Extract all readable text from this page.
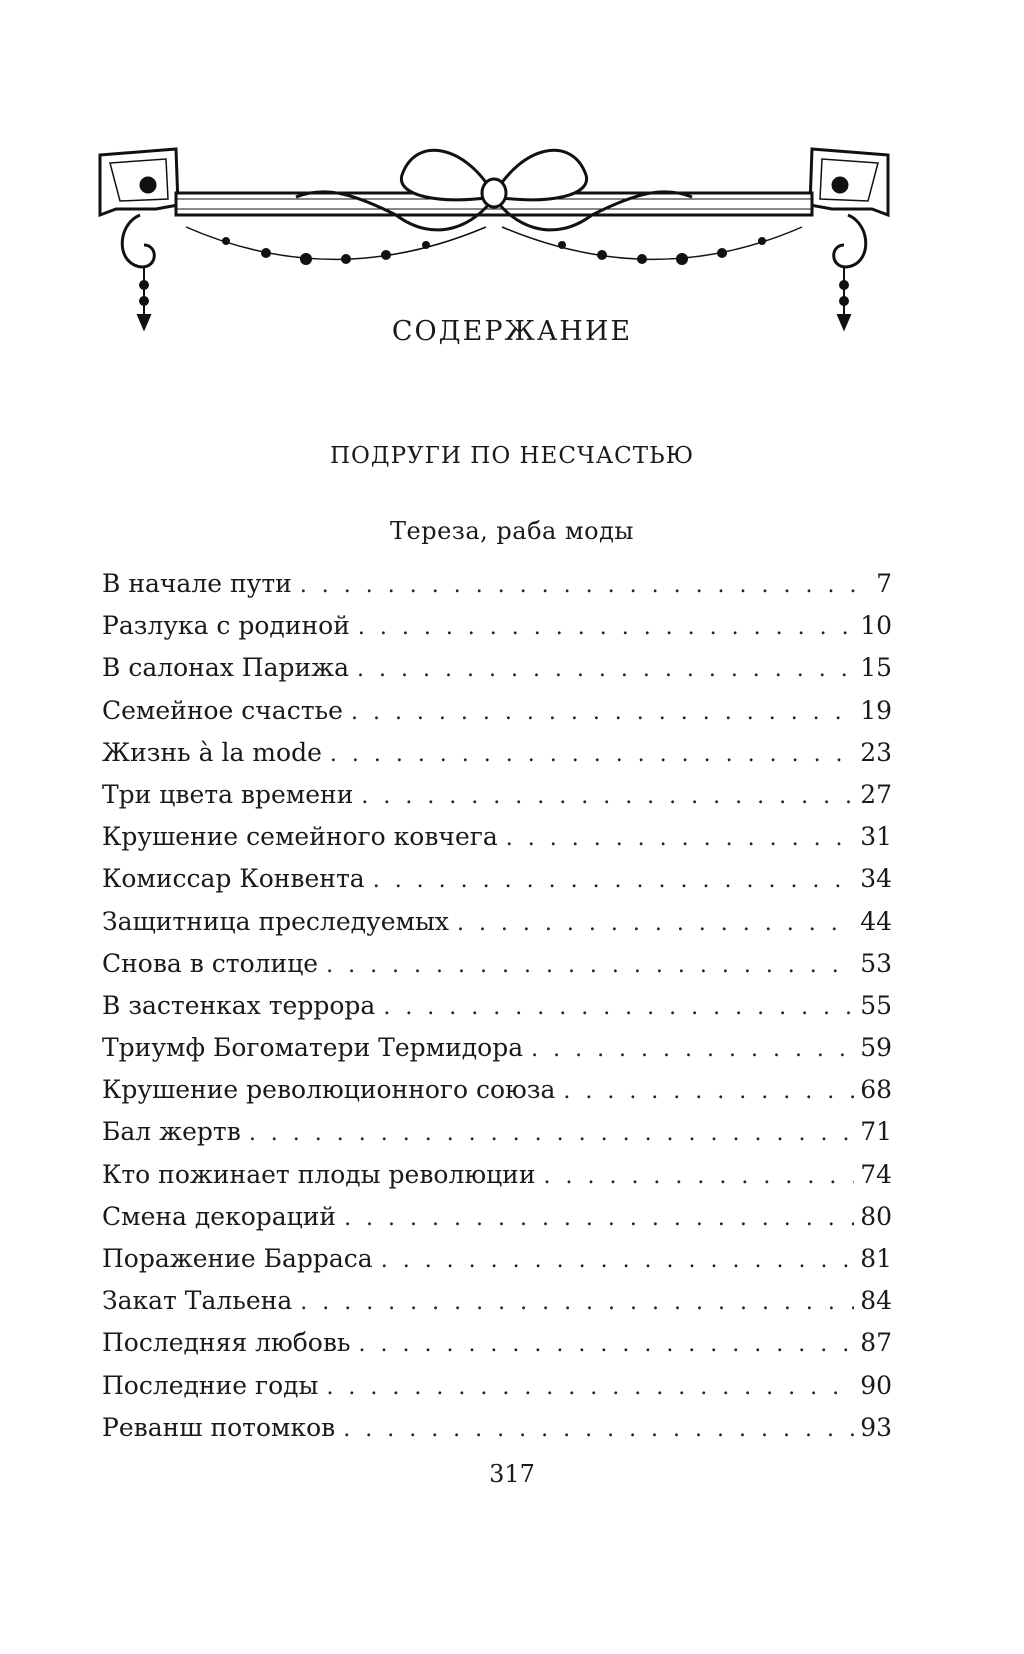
СОДЕРЖАНИЕ
ПОДРУГИ ПО НЕСЧАСТЬЮ
Тереза, раба моды
В начале пути . . .	7
Разлука с родиной . . .	10
В салонах Парижа . . .	15
Семейное счастье . . .	19
Жизнь à la mode . . .	23
Три цвета времени . . .	27
Крушение семейного ковчега . . .	31
Комиссар Конвента . . .	34
Защитница преследуемых . . .	44
Снова в столице . . .	53
В застенках террора . . .	55
Триумф Богоматери Термидора . . .	59
Крушение революционного союза . . .	68
Бал жертв . . .	71
Кто пожинает плоды революции . . .	74
Смена декораций . . .	80
Поражение Барраса . . .	81
Закат Тальена . . .	84
Последняя любовь . . .	87
Последние годы . . .	90
Реванш потомков . . .	93
317
